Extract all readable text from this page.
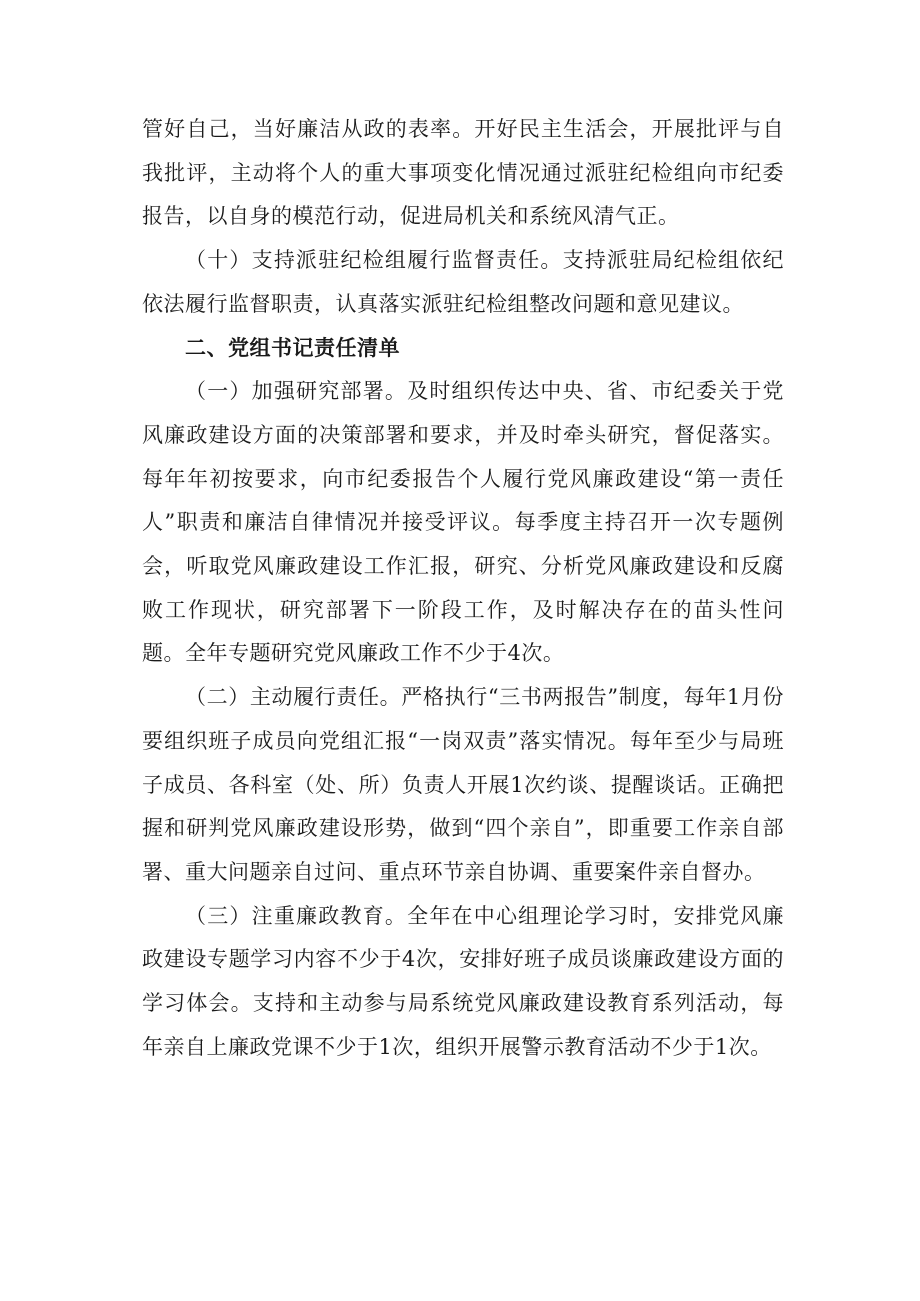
管好自己，当好廉洁从政的表率。开好民主生活会，开展批评与自我批评，主动将个人的重大事项变化情况通过派驻纪检组向市纪委报告，以自身的模范行动，促进局机关和系统风清气正。

（十）支持派驻纪检组履行监督责任。支持派驻局纪检组依纪依法履行监督职责，认真落实派驻纪检组整改问题和意见建议。

二、党组书记责任清单

（一）加强研究部署。及时组织传达中央、省、市纪委关于党风廉政建设方面的决策部署和要求，并及时牵头研究，督促落实。每年年初按要求，向市纪委报告个人履行党风廉政建设“第一责任人”职责和廉洁自律情况并接受评议。每季度主持召开一次专题例会，听取党风廉政建设工作汇报，研究、分析党风廉政建设和反腐败工作现状，研究部署下一阶段工作，及时解决存在的苗头性问题。全年专题研究党风廉政工作不少于4次。

（二）主动履行责任。严格执行“三书两报告”制度，每年1月份要组织班子成员向党组汇报“一岗双责”落实情况。每年至少与局班子成员、各科室（处、所）负责人开展1次约谈、提醒谈话。正确把握和研判党风廉政建设形势，做到“四个亲自”，即重要工作亲自部署、重大问题亲自过问、重点环节亲自协调、重要案件亲自督办。

（三）注重廉政教育。全年在中心组理论学习时，安排党风廉政建设专题学习内容不少于4次，安排好班子成员谈廉政建设方面的学习体会。支持和主动参与局系统党风廉政建设教育系列活动，每年亲自上廉政党课不少于1次，组织开展警示教育活动不少于1次。
